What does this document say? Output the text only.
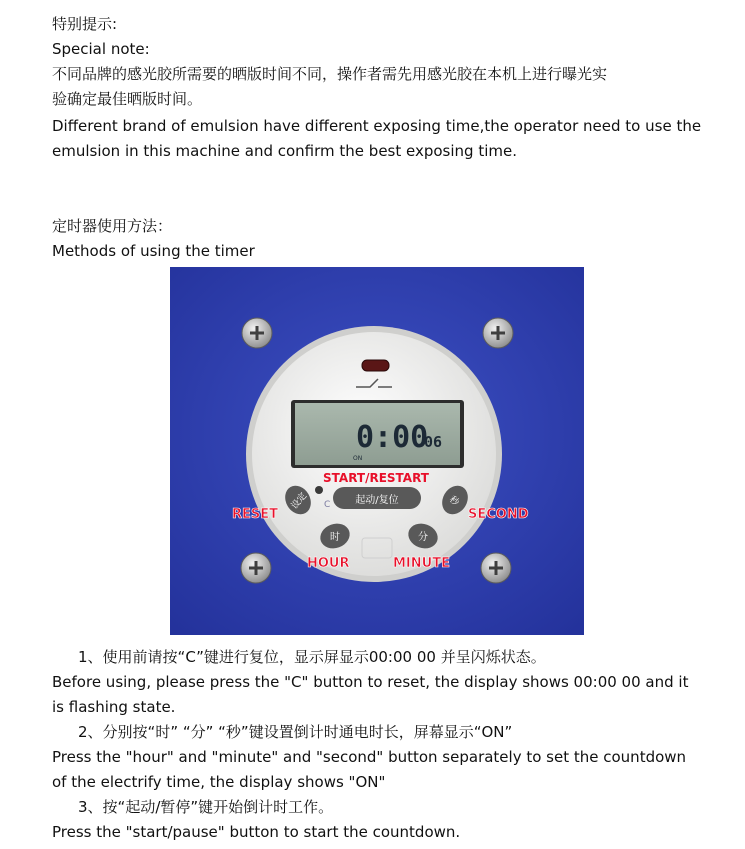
特别提示:
Special note:
不同品牌的感光胶所需要的晒版时间不同，操作者需先用感光胶在本机上进行曝光实
验确定最佳晒版时间。
Different brand of emulsion have different exposing time,the operator need to use the
emulsion in this machine and confirm the best exposing time.
定时器使用方法：
Methods of using the timer
0:00
06
ON
START/RESTART
起动/复位
C
设定	秒
时	分
RESET	SECOND
HOUR	MINUTE
1、使用前请按“C”键进行复位，显示屏显示00:00 00 并呈闪烁状态。
Before using, please press the "C" button to reset, the display shows 00:00 00 and it
is flashing state.
2、分别按“时” “分” “秒”键设置倒计时通电时长，屏幕显示“ON”
Press the "hour" and "minute" and "second" button separately to set the countdown
of the electrify time, the display shows "ON"
3、按“起动/暂停”键开始倒计时工作。
Press the "start/pause" button to start the countdown.
